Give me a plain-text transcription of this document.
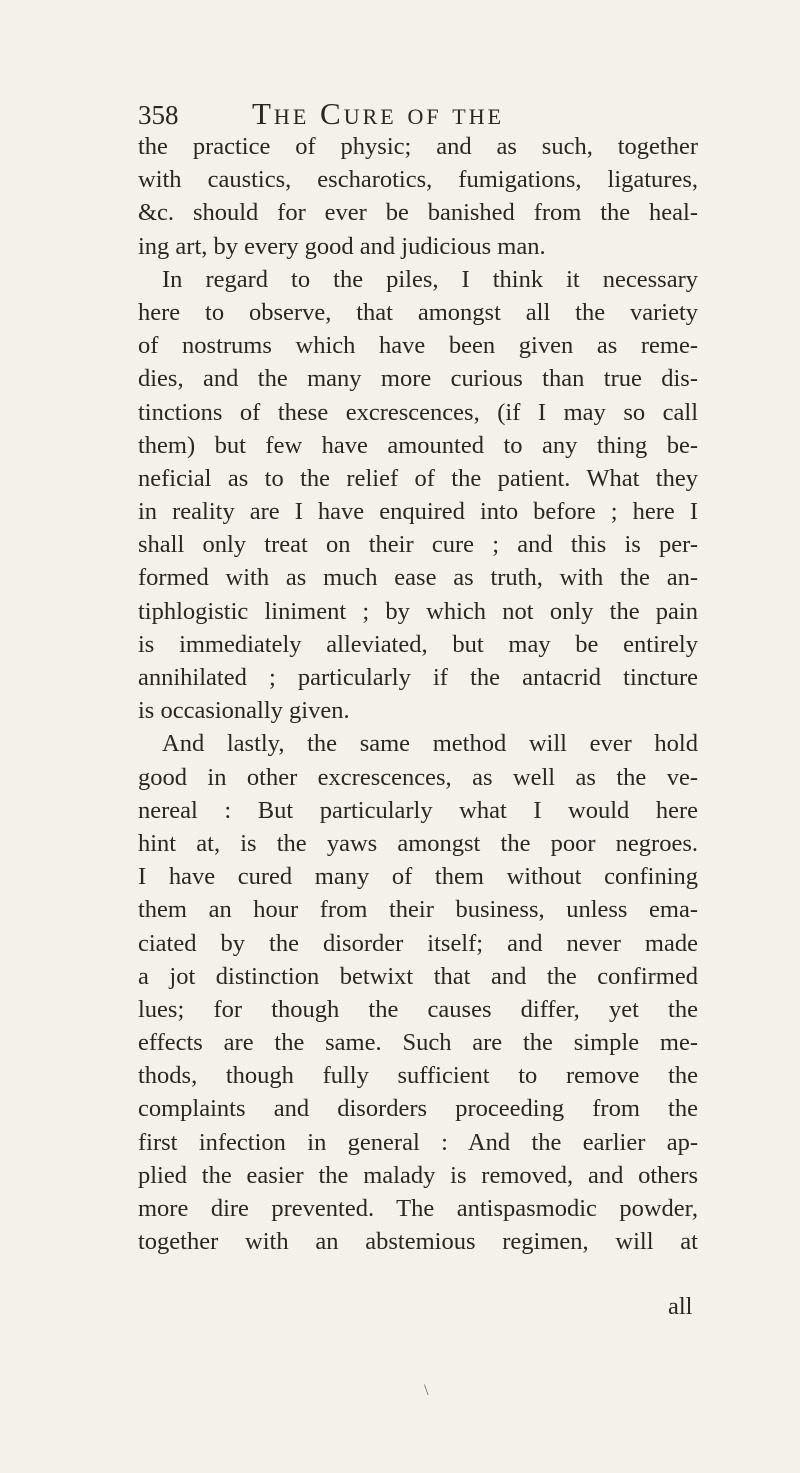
358 The Cure of the
the practice of physic; and as such, together
with caustics, escharotics, fumigations, ligatures,
&c. should for ever be banished from the heal-
ing art, by every good and judicious man.
In regard to the piles, I think it necessary
here to observe, that amongst all the variety
of nostrums which have been given as reme-
dies, and the many more curious than true dis-
tinctions of these excrescences, (if I may so call
them) but few have amounted to any thing be-
neficial as to the relief of the patient. What they
in reality are I have enquired into before ; here I
shall only treat on their cure ; and this is per-
formed with as much ease as truth, with the an-
tiphlogistic liniment ; by which not only the pain
is immediately alleviated, but may be entirely
annihilated ; particularly if the antacrid tincture
is occasionally given.
And lastly, the same method will ever hold
good in other excrescences, as well as the ve-
nereal : But particularly what I would here
hint at, is the yaws amongst the poor negroes.
I have cured many of them without confining
them an hour from their business, unless ema-
ciated by the disorder itself; and never made
a jot distinction betwixt that and the confirmed
lues; for though the causes differ, yet the
effects are the same. Such are the simple me-
thods, though fully sufficient to remove the
complaints and disorders proceeding from the
first infection in general : And the earlier ap-
plied the easier the malady is removed, and others
more dire prevented. The antispasmodic powder,
together with an abstemious regimen, will at
all
\
